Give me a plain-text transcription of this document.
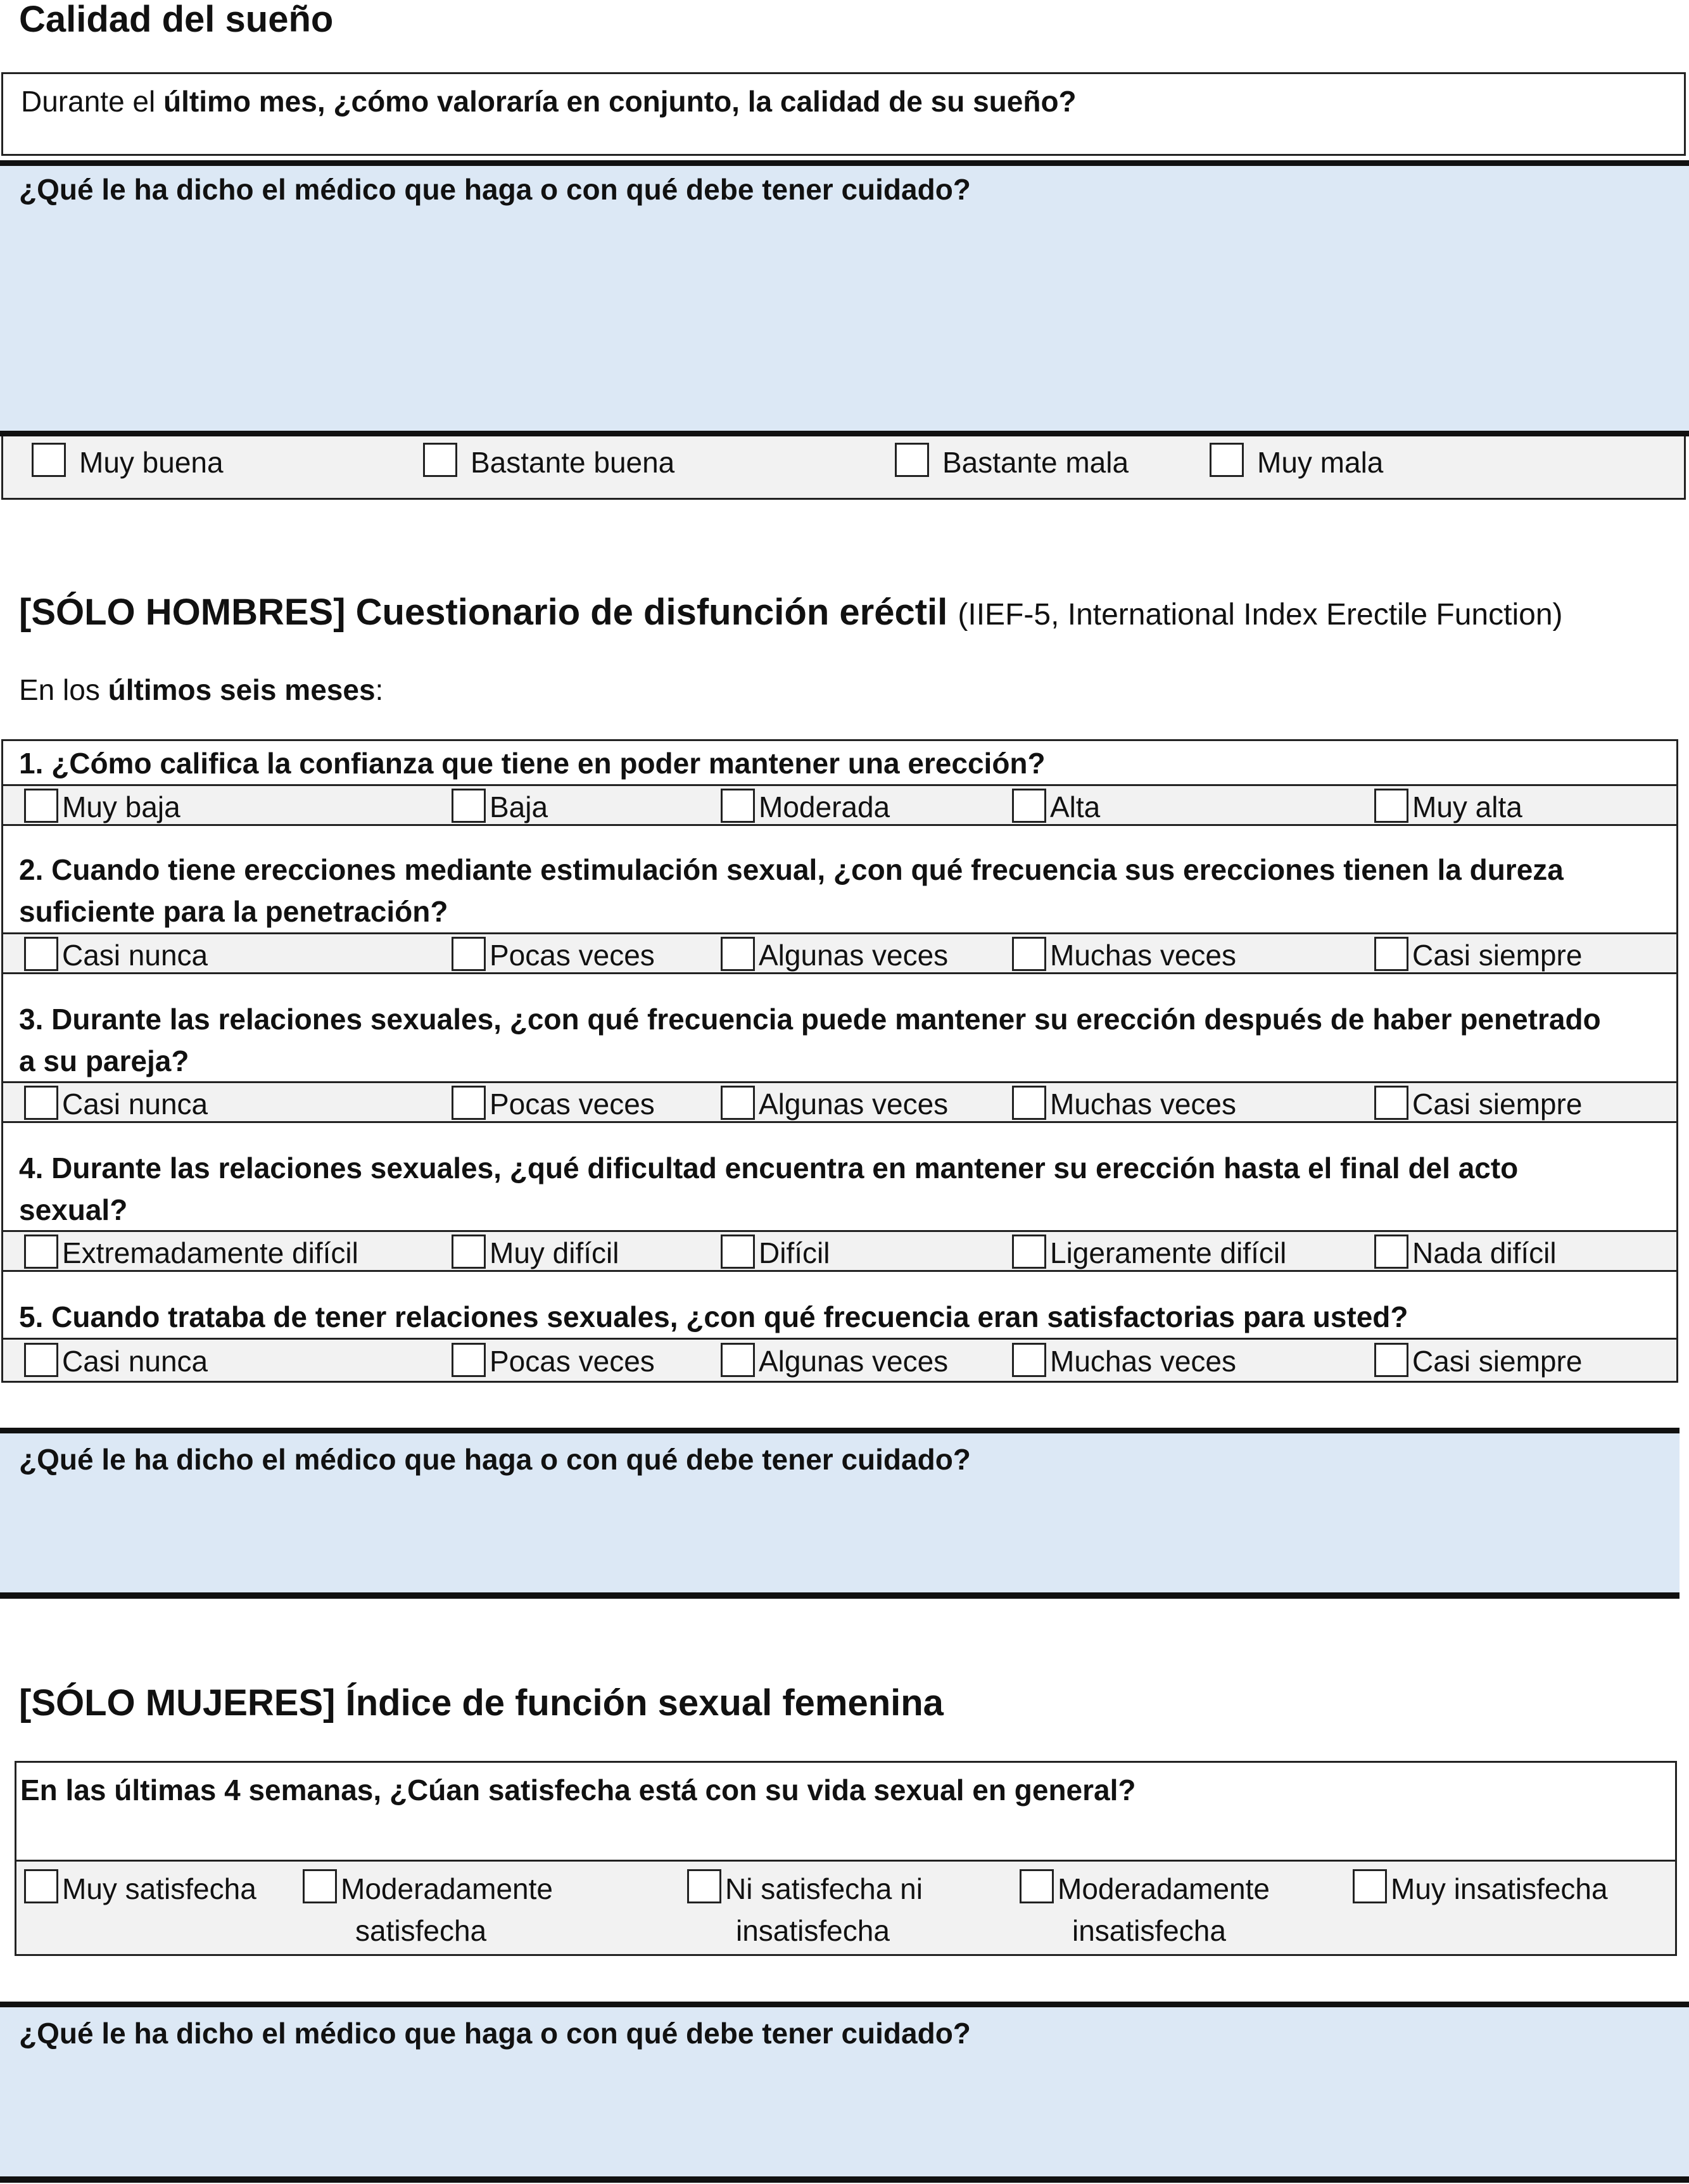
Calidad del sueño
Durante el último mes, ¿cómo valoraría en conjunto, la calidad de su sueño?
¿Qué le ha dicho el médico que haga o con qué debe tener cuidado?
Muy buena	Bastante buena	Bastante mala	Muy mala
[SÓLO HOMBRES] Cuestionario de disfunción eréctil (IIEF-5, International Index Erectile Function)
En los últimos seis meses:
1. ¿Cómo califica la confianza que tiene en poder mantener una erección?
Muy baja	Baja	Moderada	Alta	Muy alta
2. Cuando tiene erecciones mediante estimulación sexual, ¿con qué frecuencia sus erecciones tienen la dureza
suficiente para la penetración?
Casi nunca	Pocas veces	Algunas veces	Muchas veces	Casi siempre
3. Durante las relaciones sexuales, ¿con qué frecuencia puede mantener su erección después de haber penetrado
a su pareja?
Casi nunca	Pocas veces	Algunas veces	Muchas veces	Casi siempre
4. Durante las relaciones sexuales, ¿qué dificultad encuentra en mantener su erección hasta el final del acto
sexual?
Extremadamente difícil	Muy difícil	Difícil	Ligeramente difícil	Nada difícil
5. Cuando trataba de tener relaciones sexuales, ¿con qué frecuencia eran satisfactorias para usted?
Casi nunca	Pocas veces	Algunas veces	Muchas veces	Casi siempre
¿Qué le ha dicho el médico que haga o con qué debe tener cuidado?
[SÓLO MUJERES] Índice de función sexual femenina
En las últimas 4 semanas, ¿Cúan satisfecha está con su vida sexual en general?
Muy satisfecha	Moderadamente
satisfecha
Ni satisfecha ni
insatisfecha
Moderadamente
insatisfecha
Muy insatisfecha
¿Qué le ha dicho el médico que haga o con qué debe tener cuidado?
